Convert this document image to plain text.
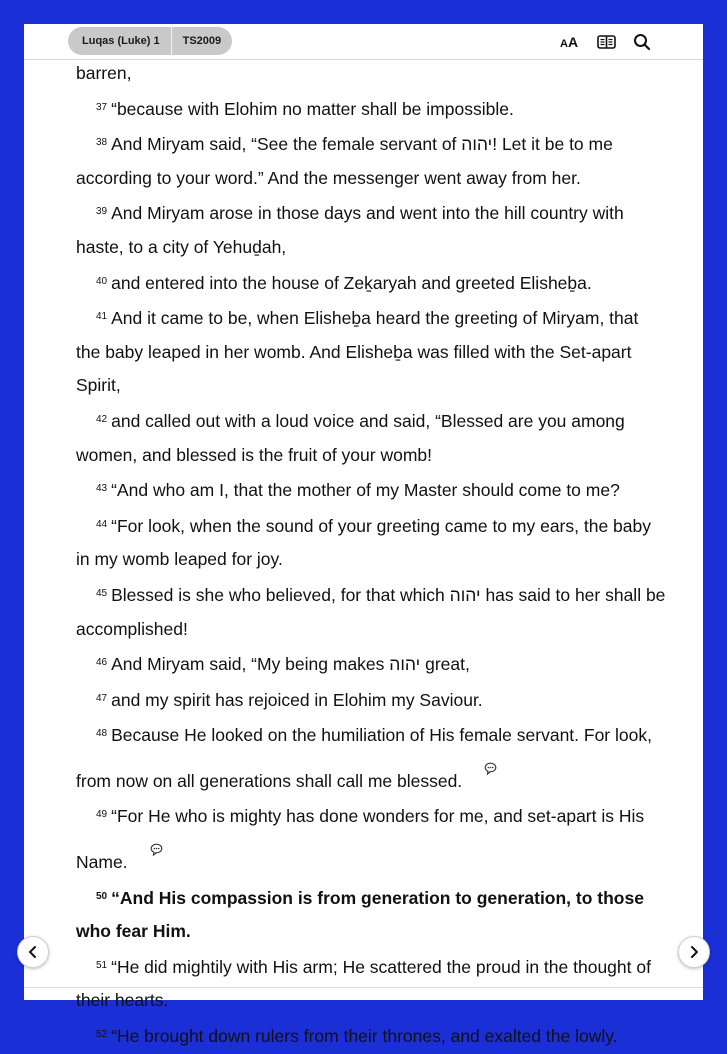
Luqas (Luke) 1	TS2009	A A

barren,

$^{37}$ “because with Elohim no matter shall be impossible.

$^{38}$ And Miryam said, “See the female servant of יהוה! Let it be to me according to your word.” And the messenger went away from her.

$^{39}$ And Miryam arose in those days and went into the hill country with haste, to a city of Yehuḏah,

$^{40}$ and entered into the house of Zeḵaryah and greeted Elisheḇa.

$^{41}$ And it came to be, when Elisheḇa heard the greeting of Miryam, that the baby leaped in her womb. And Elisheḇa was filled with the Set-apart Spirit,

$^{42}$ and called out with a loud voice and said, “Blessed are you among women, and blessed is the fruit of your womb!

$^{43}$ “And who am I, that the mother of my Master should come to me?

$^{44}$ “For look, when the sound of your greeting came to my ears, the baby in my womb leaped for joy.

$^{45}$ Blessed is she who believed, for that which יהוה has said to her shall be accomplished!

$^{46}$ And Miryam said, “My being makes יהוה great,

$^{47}$ and my spirit has rejoiced in Elohim my Saviour.

$^{48}$ Because He looked on the humiliation of His female servant. For look, from now on all generations shall call me blessed.

$^{49}$ “For He who is mighty has done wonders for me, and set-apart is His Name.

$^{50}$ “And His compassion is from generation to generation, to those who fear Him.

$^{51}$ “He did mightily with His arm; He scattered the proud in the thought of their hearts.

$^{52}$ “He brought down rulers from their thrones, and exalted the lowly.
